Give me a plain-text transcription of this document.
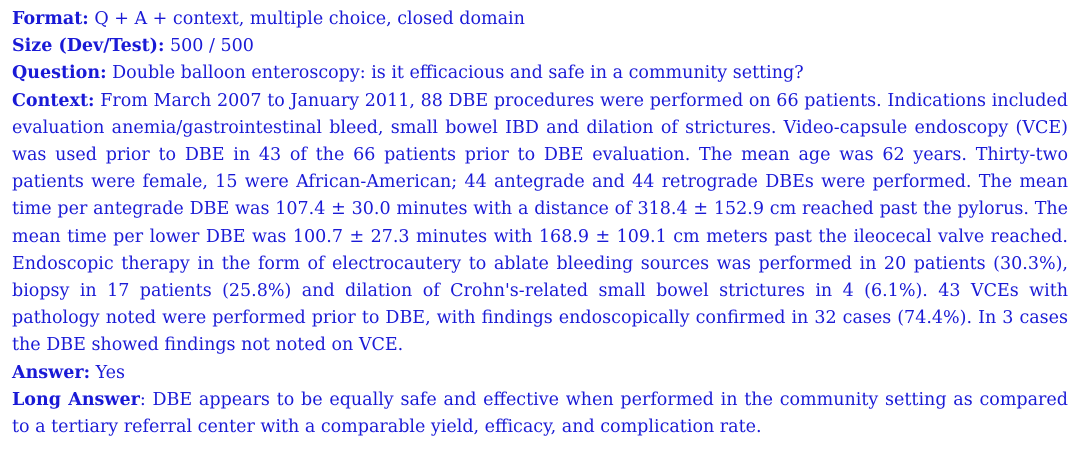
Format: Q + A + context, multiple choice, closed domain

Size (Dev/Test): 500 / 500

Question: Double balloon enteroscopy: is it efficacious and safe in a community setting?

Context: From March 2007 to January 2011, 88 DBE procedures were performed on 66 patients. Indications included evaluation anemia/gastrointestinal bleed, small bowel IBD and dilation of strictures. Video-capsule endoscopy (VCE) was used prior to DBE in 43 of the 66 patients prior to DBE evaluation. The mean age was 62 years. Thirty-two patients were female, 15 were African-American; 44 antegrade and 44 retrograde DBEs were performed. The mean time per antegrade DBE was 107.4 ± 30.0 minutes with a distance of 318.4 ± 152.9 cm reached past the pylorus. The mean time per lower DBE was 100.7 ± 27.3 minutes with 168.9 ± 109.1 cm meters past the ileocecal valve reached. Endoscopic therapy in the form of electrocautery to ablate bleeding sources was performed in 20 patients (30.3%), biopsy in 17 patients (25.8%) and dilation of Crohn's-related small bowel strictures in 4 (6.1%). 43 VCEs with pathology noted were performed prior to DBE, with findings endoscopically confirmed in 32 cases (74.4%). In 3 cases the DBE showed findings not noted on VCE.

Answer: Yes

Long Answer: DBE appears to be equally safe and effective when performed in the community setting as compared to a tertiary referral center with a comparable yield, efficacy, and complication rate.
